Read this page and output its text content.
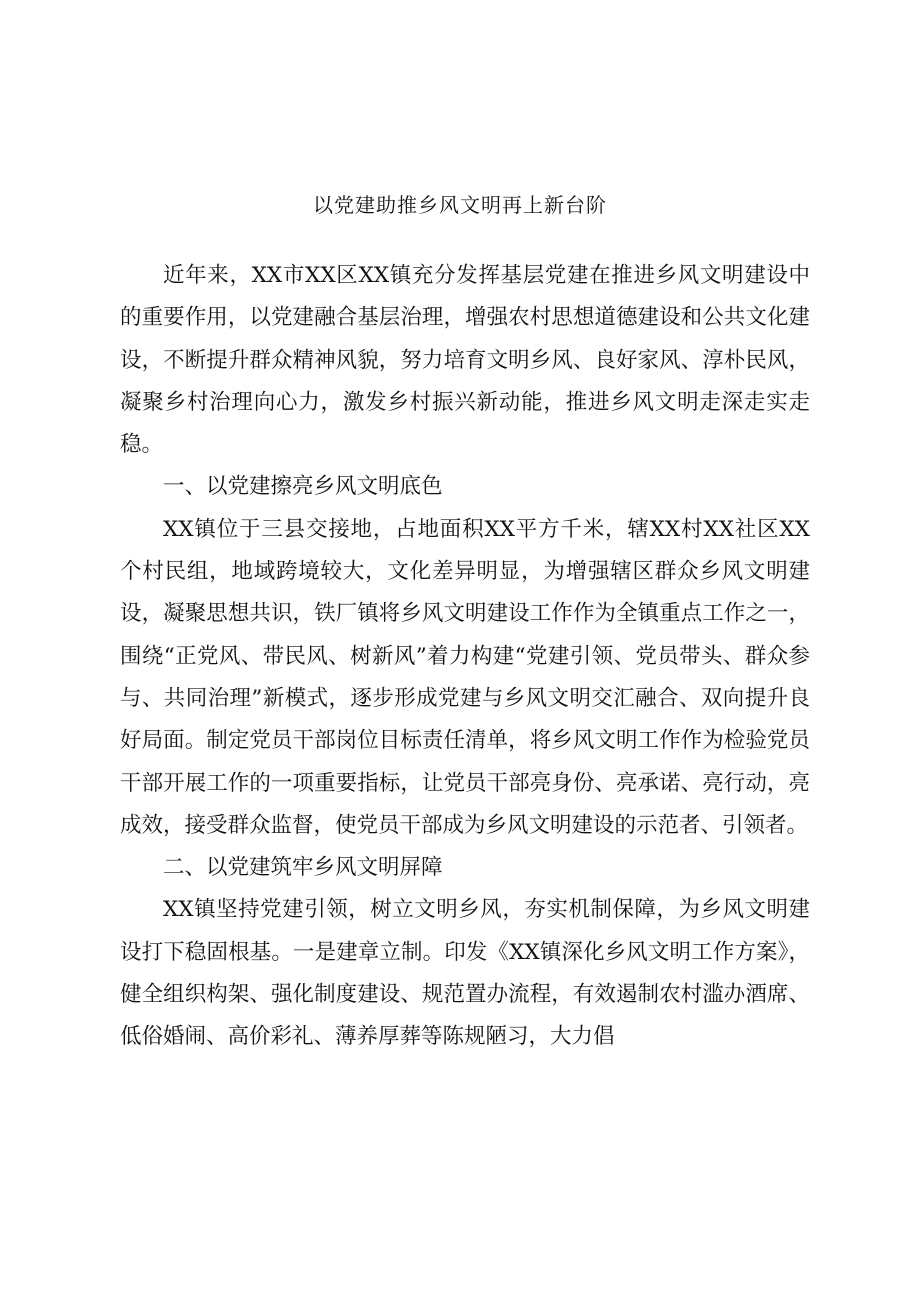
以党建助推乡风文明再上新台阶

近年来，XX市XX区XX镇充分发挥基层党建在推进乡风文明建设中的重要作用，以党建融合基层治理，增强农村思想道德建设和公共文化建设，不断提升群众精神风貌，努力培育文明乡风、良好家风、淳朴民风，凝聚乡村治理向心力，激发乡村振兴新动能，推进乡风文明走深走实走稳。

一、以党建擦亮乡风文明底色

XX镇位于三县交接地，占地面积XX平方千米，辖XX村XX社区XX个村民组，地域跨境较大，文化差异明显，为增强辖区群众乡风文明建设，凝聚思想共识，铁厂镇将乡风文明建设工作作为全镇重点工作之一，围绕“正党风、带民风、树新风”着力构建“党建引领、党员带头、群众参与、共同治理”新模式，逐步形成党建与乡风文明交汇融合、双向提升良好局面。制定党员干部岗位目标责任清单，将乡风文明工作作为检验党员干部开展工作的一项重要指标，让党员干部亮身份、亮承诺、亮行动，亮成效，接受群众监督，使党员干部成为乡风文明建设的示范者、引领者。

二、以党建筑牢乡风文明屏障

XX镇坚持党建引领，树立文明乡风，夯实机制保障，为乡风文明建设打下稳固根基。一是建章立制。印发《XX镇深化乡风文明工作方案》，健全组织构架、强化制度建设、规范置办流程，有效遏制农村滥办酒席、低俗婚闹、高价彩礼、薄养厚葬等陈规陋习，大力倡
